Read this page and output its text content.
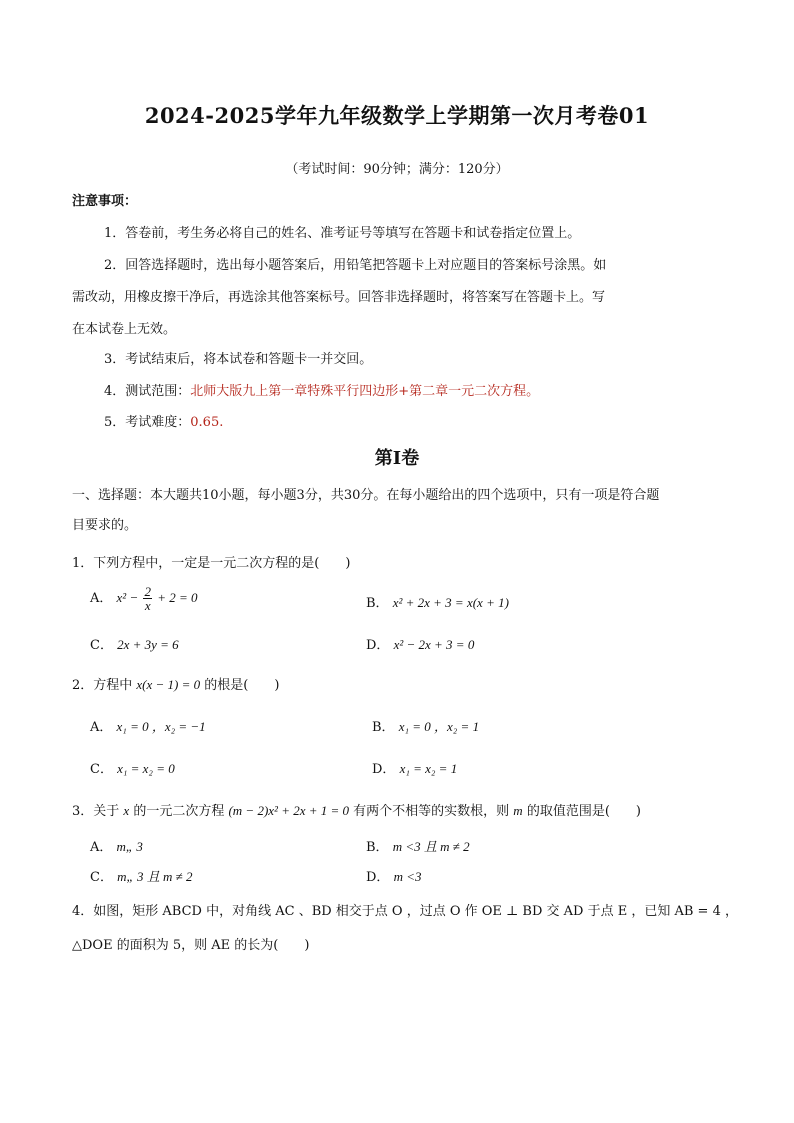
2024-2025学年九年级数学上学期第一次月考卷01
（考试时间：90分钟；满分：120分）
注意事项：
1．答卷前，考生务必将自己的姓名、准考证号等填写在答题卡和试卷指定位置上。
2．回答选择题时，选出每小题答案后，用铅笔把答题卡上对应题目的答案标号涂黑。如
需改动，用橡皮擦干净后，再选涂其他答案标号。回答非选择题时，将答案写在答题卡上。写
在本试卷上无效。
3．考试结束后，将本试卷和答题卡一并交回。
4．测试范围：北师大版九上第一章特殊平行四边形+第二章一元二次方程。
5．考试难度：0.65.
第Ⅰ卷
一、选择题：本大题共10小题，每小题3分，共30分。在每小题给出的四个选项中，只有一项是符合题
目要求的。
1．下列方程中，一定是一元二次方程的是(　　)
A． $x^2 - \frac{2}{x} + 2 = 0$	B． x² + 2x + 3 = x(x + 1)
C． 2x + 3y = 6	D． x² − 2x + 3 = 0
2．方程中 x(x − 1) = 0 的根是(　　)
A． x₁ = 0 ，x₂ = −1	B． x₁ = 0 ，x₂ = 1
C． x₁ = x₂ = 0	D． x₁ = x₂ = 1
3．关于 x 的一元二次方程 (m − 2)x² + 2x + 1 = 0 有两个不相等的实数根，则 m 的取值范围是(　　)
A． m„ 3	B． m <3 且 m ≠ 2
C． m„ 3 且 m ≠ 2	D． m <3
4．如图，矩形 ABCD 中，对角线 AC 、BD 相交于点 O ，过点 O 作 OE ⊥ BD 交 AD 于点 E ，已知 AB = 4 ，
△DOE 的面积为 5，则 AE 的长为(　　)
